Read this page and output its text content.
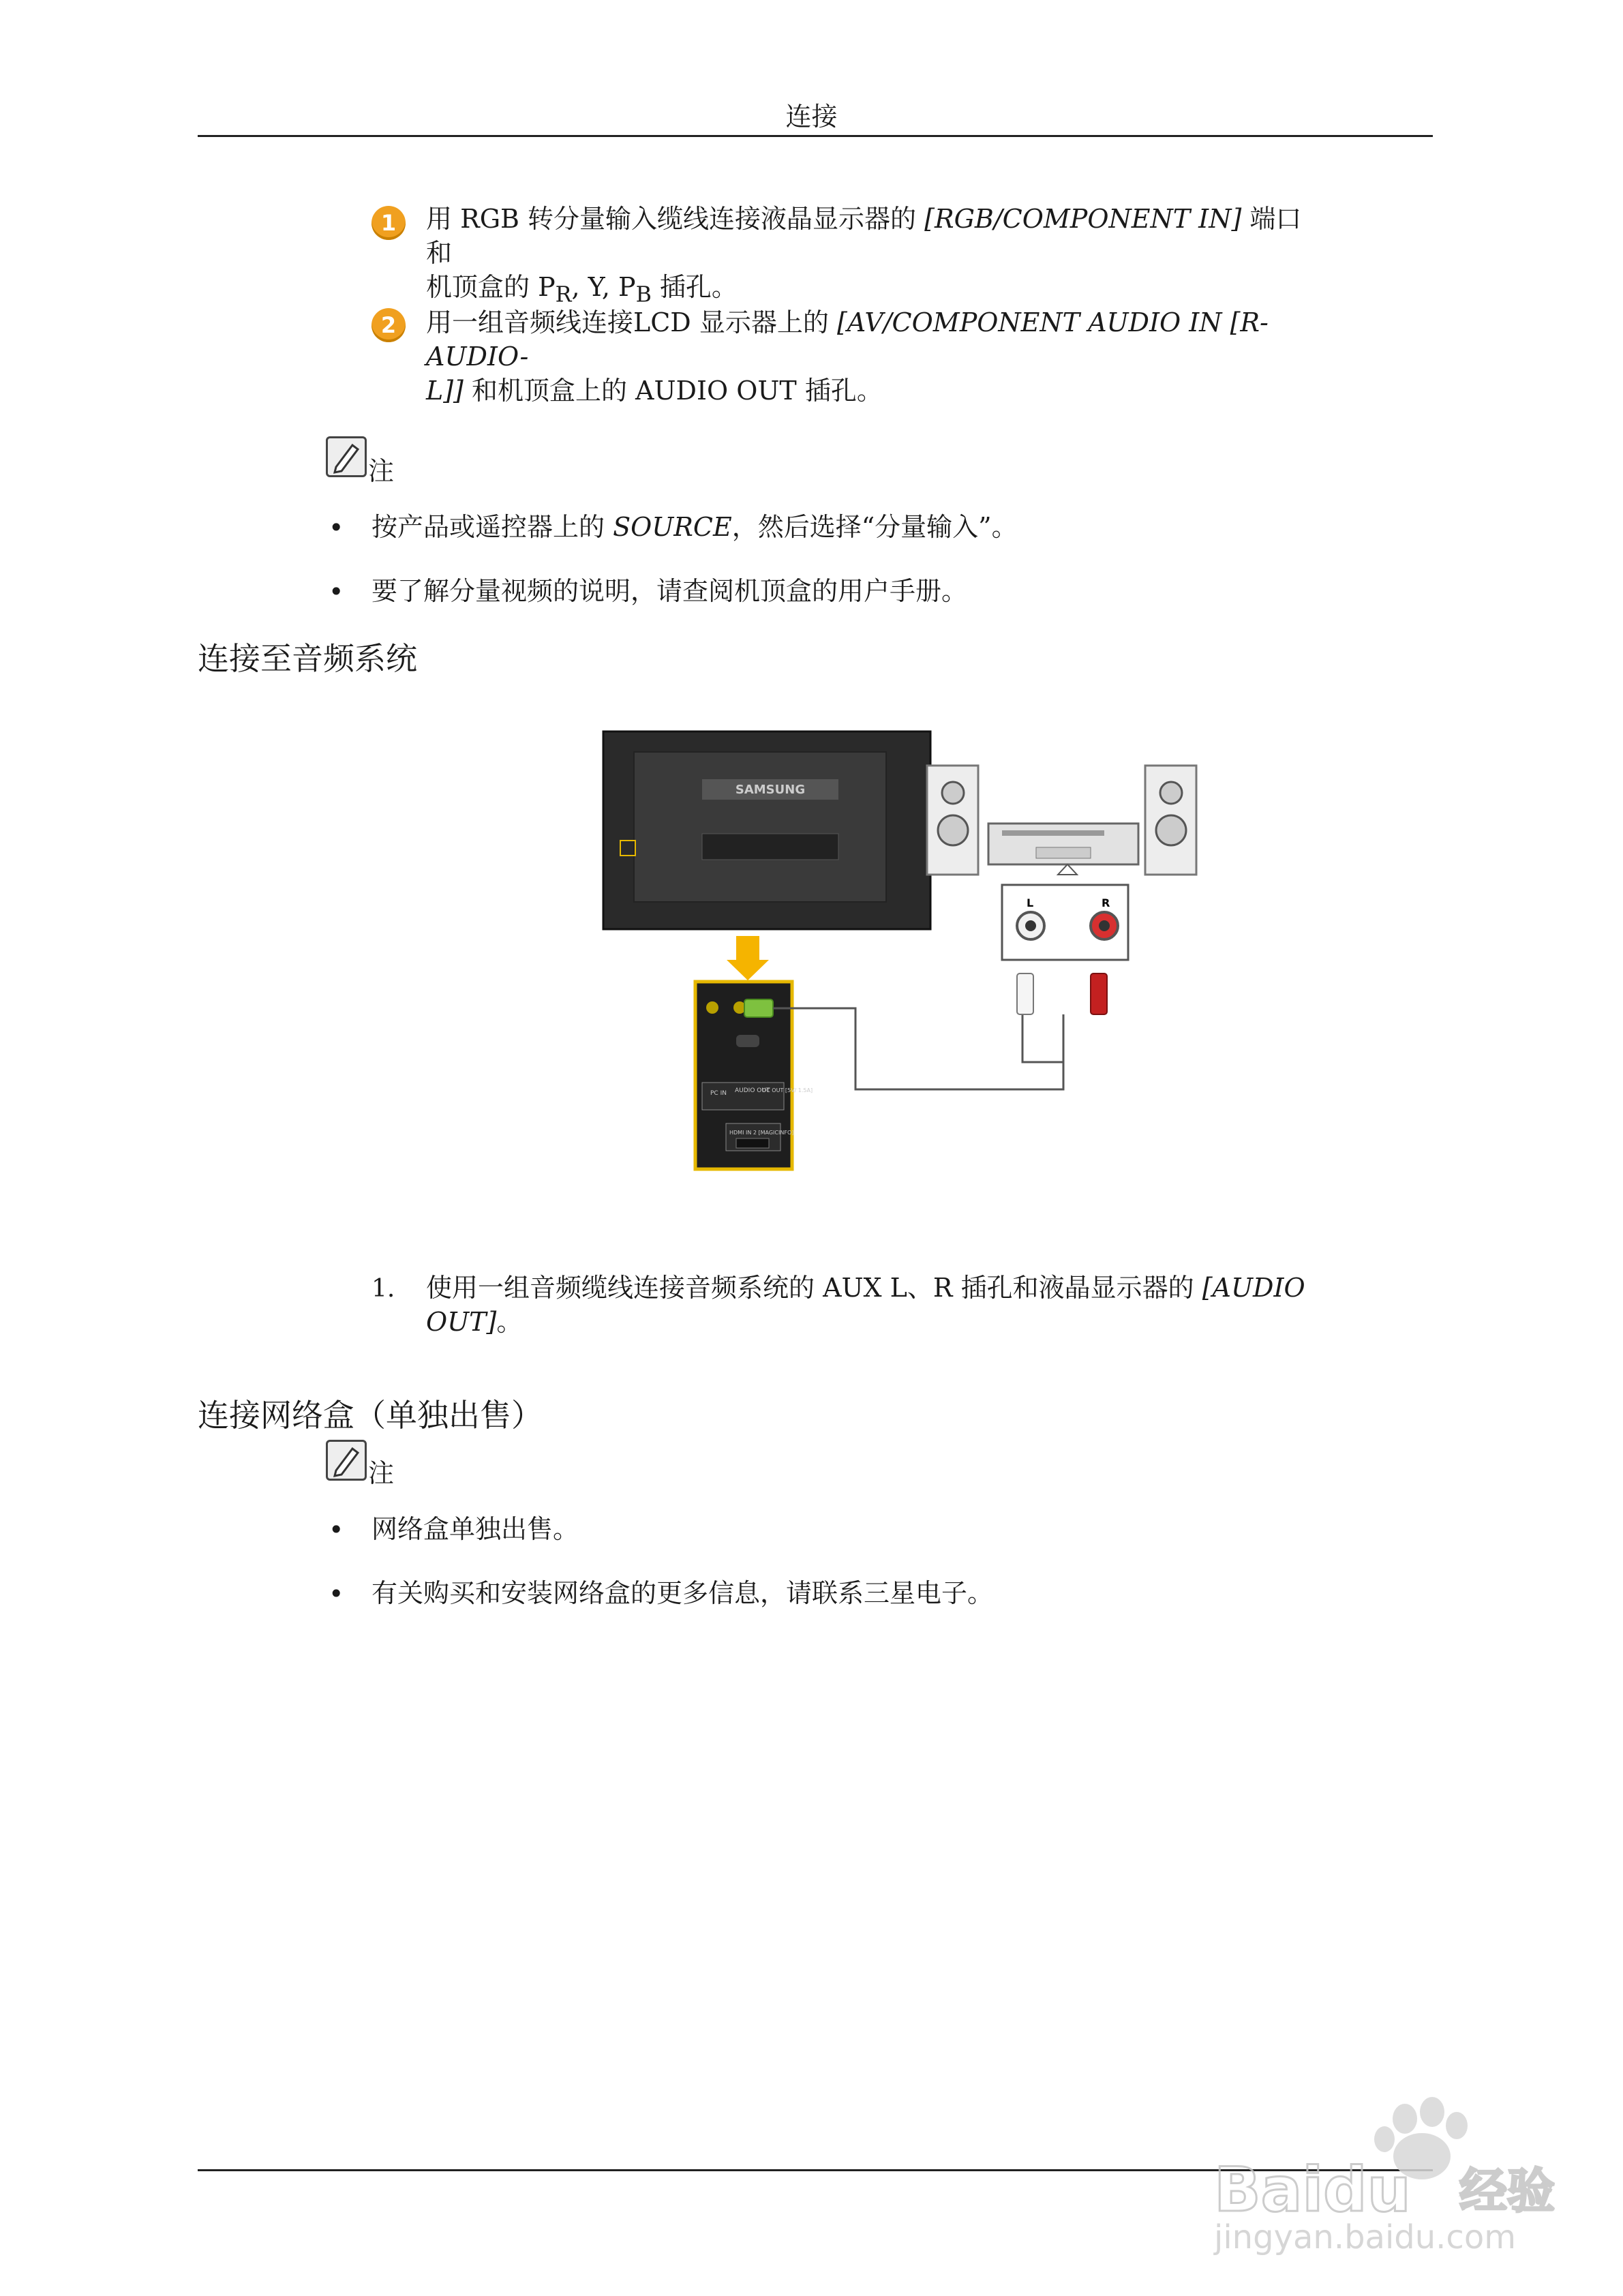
连接
1	用 RGB 转分量输入缆线连接液晶显示器的 [RGB/COMPONENT IN] 端口和
机顶盒的 $P_R$, Y, $P_B$ 插孔。
2	用一组音频线连接LCD 显示器上的 [AV/COMPONENT AUDIO IN [R-AUDIO-
L]] 和机顶盒上的 AUDIO OUT 插孔。
注
• 按产品或遥控器上的 SOURCE，然后选择“分量输入”。
• 要了解分量视频的说明，请查阅机顶盒的用户手册。
连接至音频系统
SAMSUNG
PC IN AUDIO OUT
DC OUT [5V/ 1.5A]
HDMI IN 2 [MAGICINFO]
L	R
1. 使用一组音频缆线连接音频系统的 AUX L、R 插孔和液晶显示器的 [AUDIO
OUT]。
连接网络盒（单独出售）
注
• 网络盒单独出售。
• 有关购买和安装网络盒的更多信息，请联系三星电子。
Baidu 经验
jingyan.baidu.com
